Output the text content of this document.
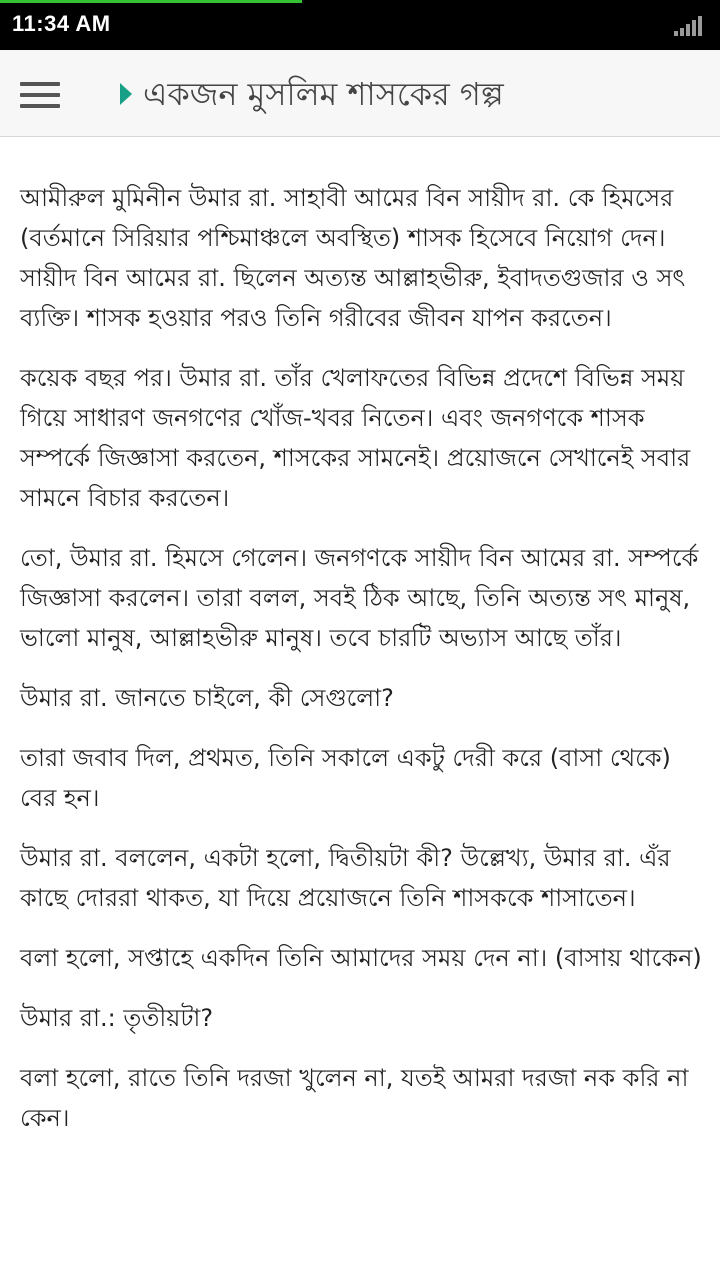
11:34 AM
একজন মুসলিম শাসকের গল্প

আমীরুল মুমিনীন উমার রা. সাহাবী আমের বিন সায়ীদ রা. কে হিমসের (বর্তমানে সিরিয়ার পশ্চিমাঞ্চলে অবস্থিত) শাসক হিসেবে নিয়োগ দেন। সায়ীদ বিন আমের রা. ছিলেন অত্যন্ত আল্লাহভীরু, ইবাদতগুজার ও সৎ ব্যক্তি। শাসক হওয়ার পরও তিনি গরীবের জীবন যাপন করতেন।

কয়েক বছর পর। উমার রা. তাঁর খেলাফতের বিভিন্ন প্রদেশে বিভিন্ন সময় গিয়ে সাধারণ জনগণের খোঁজ-খবর নিতেন। এবং জনগণকে শাসক সম্পর্কে জিজ্ঞাসা করতেন, শাসকের সামনেই। প্রয়োজনে সেখানেই সবার সামনে বিচার করতেন।

তো, উমার রা. হিমসে গেলেন। জনগণকে সায়ীদ বিন আমের রা. সম্পর্কে জিজ্ঞাসা করলেন। তারা বলল, সবই ঠিক আছে, তিনি অত্যন্ত সৎ মানুষ, ভালো মানুষ, আল্লাহভীরু মানুষ। তবে চারটি অভ্যাস আছে তাঁর।

উমার রা. জানতে চাইলে, কী সেগুলো?

তারা জবাব দিল, প্রথমত, তিনি সকালে একটু দেরী করে (বাসা থেকে) বের হন।

উমার রা. বললেন, একটা হলো, দ্বিতীয়টা কী? উল্লেখ্য, উমার রা. এঁর কাছে দোররা থাকত, যা দিয়ে প্রয়োজনে তিনি শাসককে শাসাতেন।

বলা হলো, সপ্তাহে একদিন তিনি আমাদের সময় দেন না। (বাসায় থাকেন)

উমার রা.: তৃতীয়টা?

বলা হলো, রাতে তিনি দরজা খুলেন না, যতই আমরা দরজা নক করি না কেন।
